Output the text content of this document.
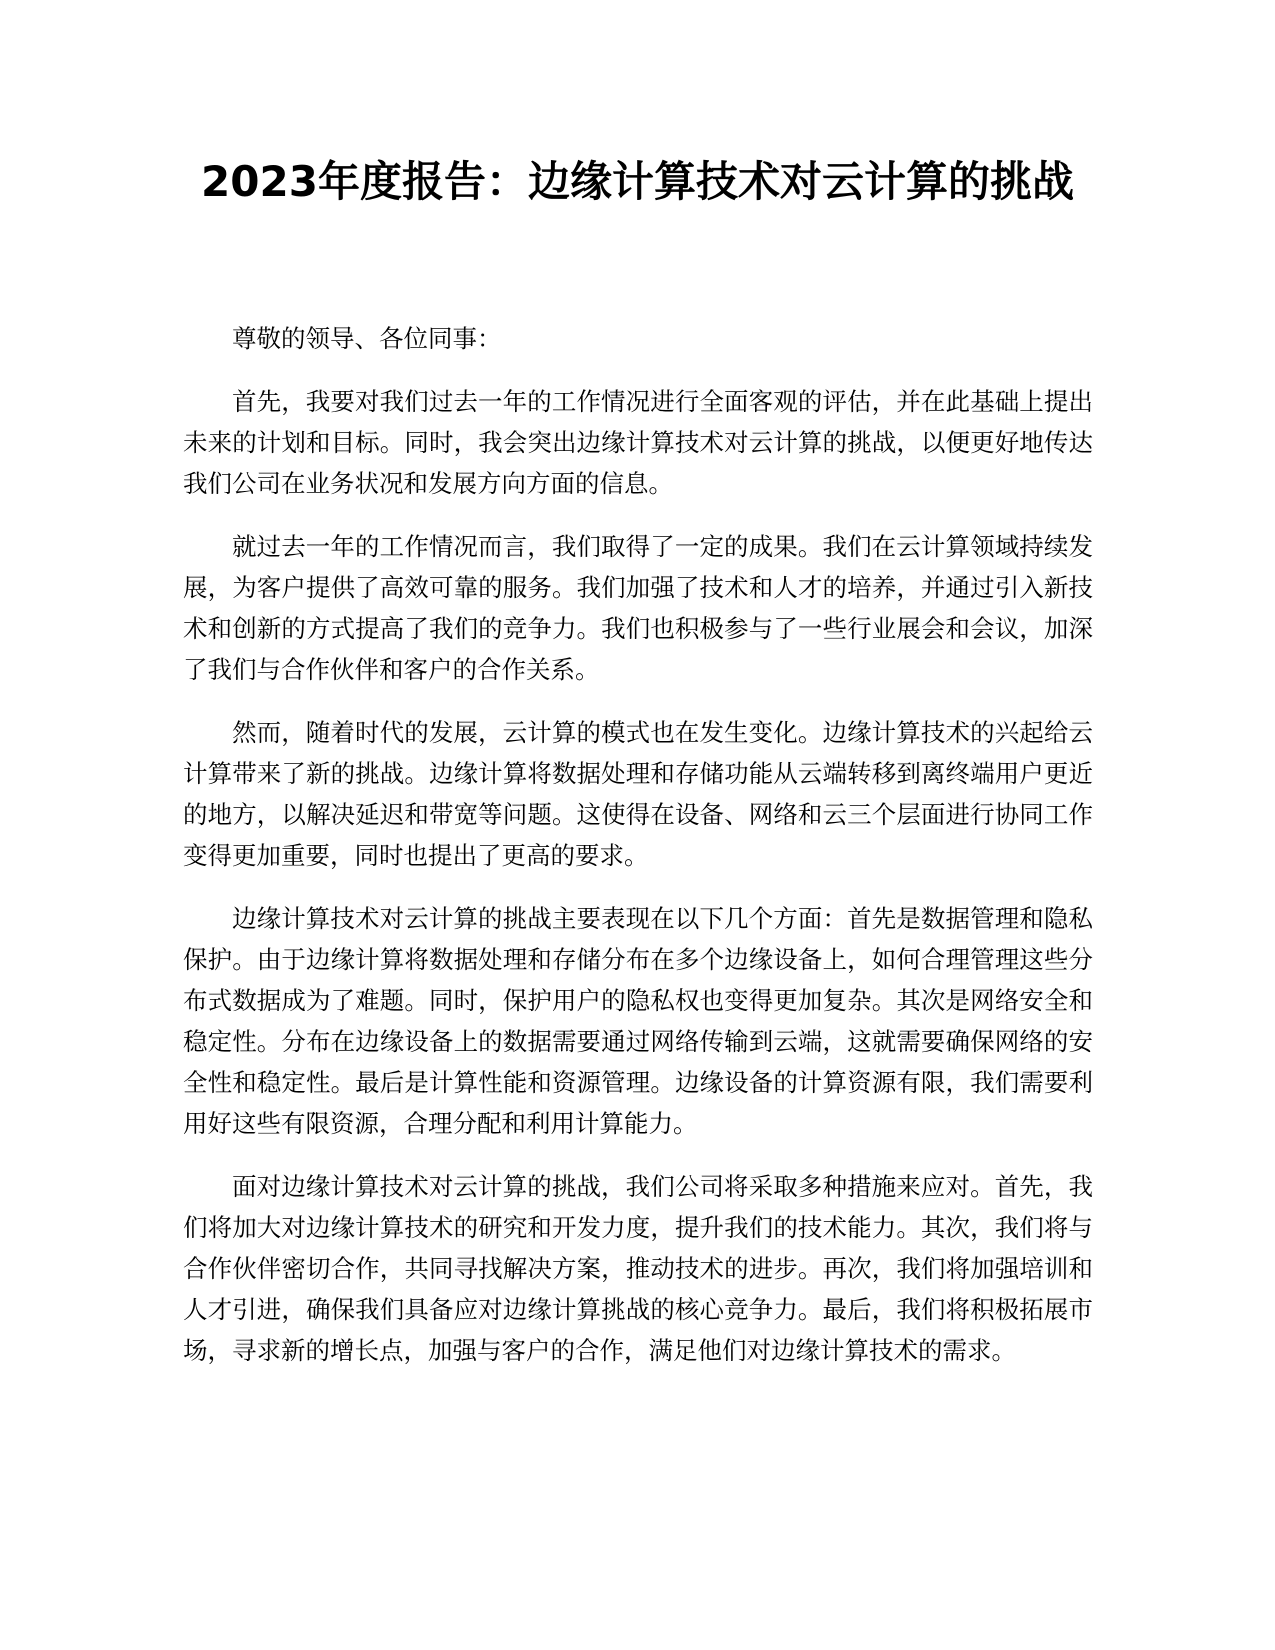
2023年度报告：边缘计算技术对云计算的挑战

尊敬的领导、各位同事：

首先，我要对我们过去一年的工作情况进行全面客观的评估，并在此基础上提出未来的计划和目标。同时，我会突出边缘计算技术对云计算的挑战，以便更好地传达我们公司在业务状况和发展方向方面的信息。

就过去一年的工作情况而言，我们取得了一定的成果。我们在云计算领域持续发展，为客户提供了高效可靠的服务。我们加强了技术和人才的培养，并通过引入新技术和创新的方式提高了我们的竞争力。我们也积极参与了一些行业展会和会议，加深了我们与合作伙伴和客户的合作关系。

然而，随着时代的发展，云计算的模式也在发生变化。边缘计算技术的兴起给云计算带来了新的挑战。边缘计算将数据处理和存储功能从云端转移到离终端用户更近的地方，以解决延迟和带宽等问题。这使得在设备、网络和云三个层面进行协同工作变得更加重要，同时也提出了更高的要求。

边缘计算技术对云计算的挑战主要表现在以下几个方面：首先是数据管理和隐私保护。由于边缘计算将数据处理和存储分布在多个边缘设备上，如何合理管理这些分布式数据成为了难题。同时，保护用户的隐私权也变得更加复杂。其次是网络安全和稳定性。分布在边缘设备上的数据需要通过网络传输到云端，这就需要确保网络的安全性和稳定性。最后是计算性能和资源管理。边缘设备的计算资源有限，我们需要利用好这些有限资源，合理分配和利用计算能力。

面对边缘计算技术对云计算的挑战，我们公司将采取多种措施来应对。首先，我们将加大对边缘计算技术的研究和开发力度，提升我们的技术能力。其次，我们将与合作伙伴密切合作，共同寻找解决方案，推动技术的进步。再次，我们将加强培训和人才引进，确保我们具备应对边缘计算挑战的核心竞争力。最后，我们将积极拓展市场，寻求新的增长点，加强与客户的合作，满足他们对边缘计算技术的需求。
